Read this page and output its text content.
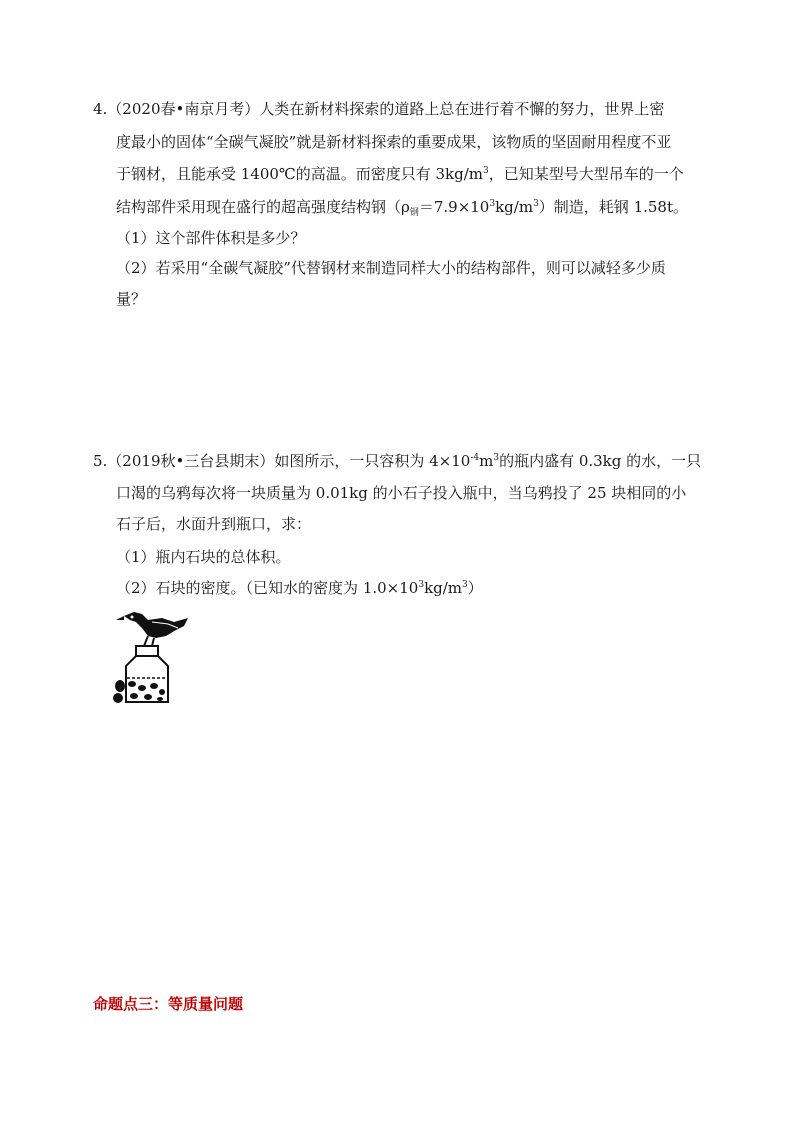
4.（2020春•南京月考）人类在新材料探索的道路上总在进行着不懈的努力，世界上密
度最小的固体“全碳气凝胶”就是新材料探索的重要成果，该物质的坚固耐用程度不亚
于钢材，且能承受 1400℃的高温。而密度只有 $3kg/m^3$，已知某型号大型吊车的一个
结构部件采用现在盛行的超高强度结构钢$(\rho_钢=7.9\times 10^3kg/m^3)$制造，耗钢 1.58t。
（1）这个部件体积是多少？
（2）若采用“全碳气凝胶”代替钢材来制造同样大小的结构部件，则可以减轻多少质
量？
5.（2019秋•三台县期末）如图所示，一只容积为 $4\times 10^{-4}m^3$的瓶内盛有 0.3kg 的水，一只
口渴的乌鸦每次将一块质量为 0.01kg 的小石子投入瓶中，当乌鸦投了 25 块相同的小
石子后，水面升到瓶口，求：
（1）瓶内石块的总体积。
（2）石块的密度。（已知水的密度为 $1.0\times 10^3kg/m^3$）
命题点三：等质量问题
